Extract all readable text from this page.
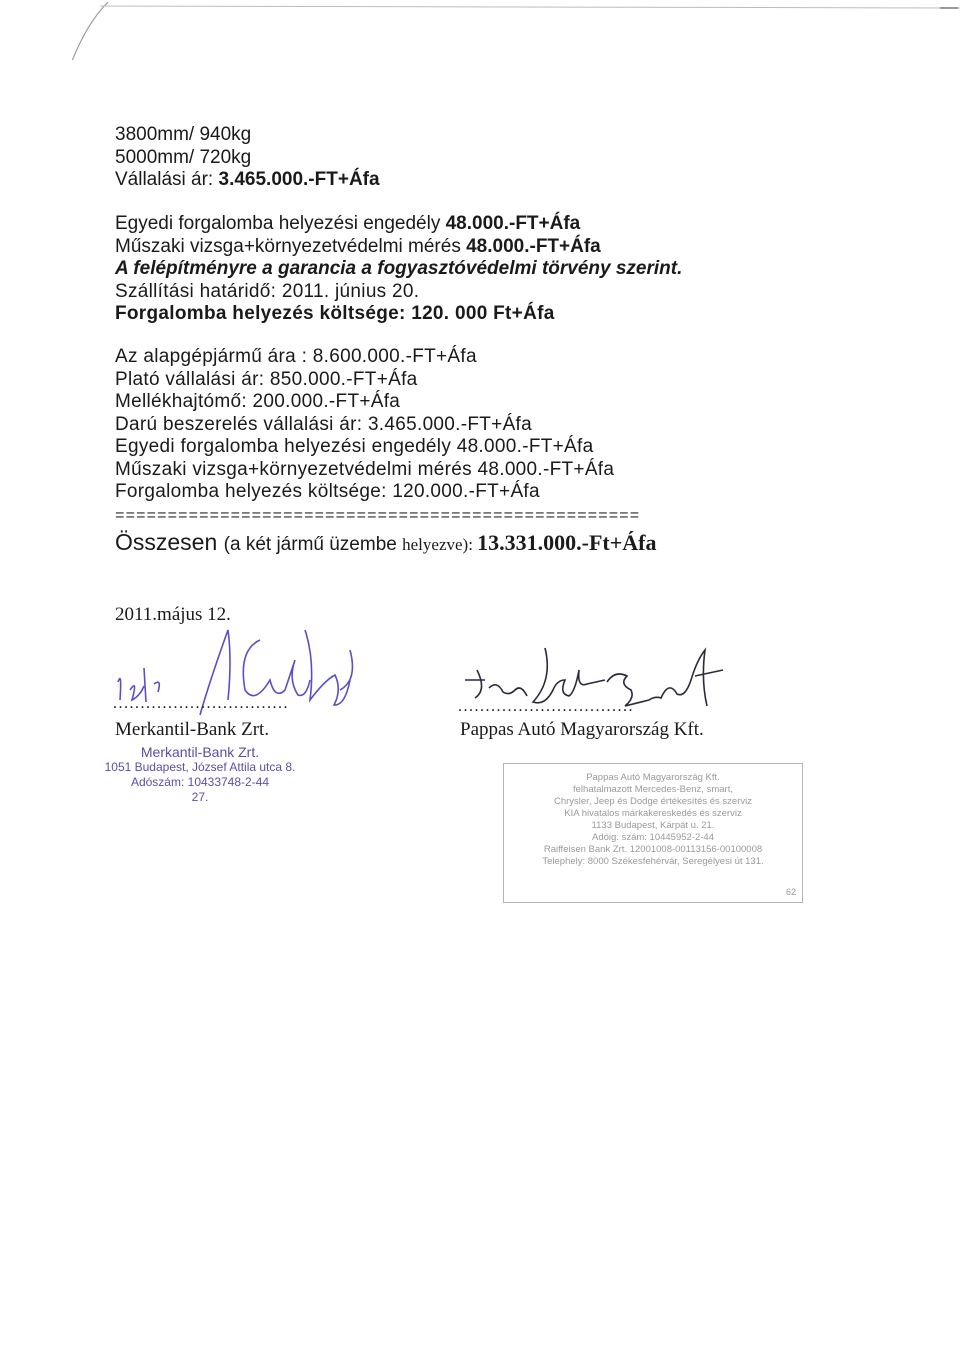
3800mm/ 940kg
5000mm/ 720kg
Vállalási ár: 3.465.000.-FT+Áfa
Egyedi forgalomba helyezési engedély 48.000.-FT+Áfa
Műszaki vizsga+környezetvédelmi mérés 48.000.-FT+Áfa
A felépítményre a garancia a fogyasztóvédelmi törvény szerint.
Szállítási határidő: 2011. június 20.
Forgalomba helyezés költsége: 120. 000 Ft+Áfa
Az alapgépjármű ára : 8.600.000.-FT+Áfa
Plató vállalási ár: 850.000.-FT+Áfa
Mellékhajtómő: 200.000.-FT+Áfa
Darú beszerelés vállalási ár: 3.465.000.-FT+Áfa
Egyedi forgalomba helyezési engedély 48.000.-FT+Áfa
Műszaki vizsga+környezetvédelmi mérés 48.000.-FT+Áfa
Forgalomba helyezés költsége: 120.000.-FT+Áfa
==================================================
Összesen (a két jármű üzembe helyezve): 13.331.000.-Ft+Áfa
2011.május 12.
................................
Merkantil-Bank Zrt.
................................
Pappas Autó Magyarország Kft.
Merkantil-Bank Zrt.
1051 Budapest, József Attila utca 8.
Adószám: 10433748-2-44
27.
Pappas Autó Magyarország Kft.
felhatalmazott Mercedes-Benz, smart,
Chrysler, Jeep és Dodge értékesítés és szerviz
KIA hivatalos márkakereskedés és szerviz
1133 Budapest, Kárpát u. 21.
Adóig. szám: 10445952-2-44
Raiffeisen Bank Zrt. 12001008-00113156-00100008
Telephely: 8000 Székesfehérvár, Seregélyesi út 131.
62
